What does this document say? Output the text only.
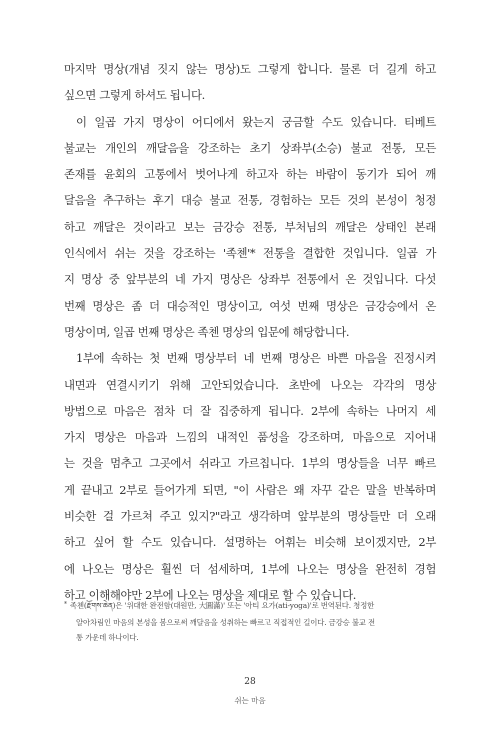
마지막 명상(개념 짓지 않는 명상)도 그렇게 합니다. 물론 더 길게 하고
싶으면 그렇게 하셔도 됩니다.
이 일곱 가지 명상이 어디에서 왔는지 궁금할 수도 있습니다. 티베트
불교는 개인의 깨달음을 강조하는 초기 상좌부(소승) 불교 전통, 모든
존재를 윤회의 고통에서 벗어나게 하고자 하는 바람이 동기가 되어 깨
달음을 추구하는 후기 대승 불교 전통, 경험하는 모든 것의 본성이 청정
하고 깨달은 것이라고 보는 금강승 전통, 부처님의 깨달은 상태인 본래
인식에서 쉬는 것을 강조하는 '족첸'* 전통을 결합한 것입니다. 일곱 가
지 명상 중 앞부분의 네 가지 명상은 상좌부 전통에서 온 것입니다. 다섯
번째 명상은 좀 더 대승적인 명상이고, 여섯 번째 명상은 금강승에서 온
명상이며, 일곱 번째 명상은 족첸 명상의 입문에 해당합니다.
1부에 속하는 첫 번째 명상부터 네 번째 명상은 바쁜 마음을 진정시켜
내면과 연결시키기 위해 고안되었습니다. 초반에 나오는 각각의 명상
방법으로 마음은 점차 더 잘 집중하게 됩니다. 2부에 속하는 나머지 세
가지 명상은 마음과 느낌의 내적인 품성을 강조하며, 마음으로 지어내
는 것을 멈추고 그곳에서 쉬라고 가르칩니다. 1부의 명상들을 너무 빠르
게 끝내고 2부로 들어가게 되면, "이 사람은 왜 자꾸 같은 말을 반복하며
비슷한 걸 가르쳐 주고 있지?"라고 생각하며 앞부분의 명상들만 더 오래
하고 싶어 할 수도 있습니다. 설명하는 어휘는 비슷해 보이겠지만, 2부
에 나오는 명상은 훨씬 더 섬세하며, 1부에 나오는 명상을 완전히 경험
하고 이해해야만 2부에 나오는 명상을 제대로 할 수 있습니다.
* 족첸(རྫོགས་ཆེན)은 '위대한 완전함(대원만, 大圓滿)' 또는 '아티 요가(ati-yoga)'로 번역된다. 청정한
알아차림인 마음의 본성을 봄으로써 깨달음을 성취하는 빠르고 직접적인 길이다. 금강승 불교 전
통 가운데 하나이다.
28
쉬는 마음
